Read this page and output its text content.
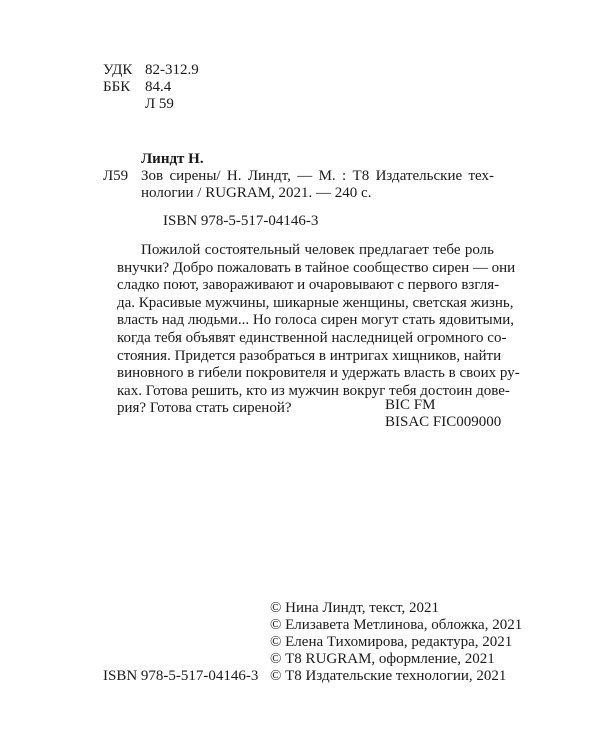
УДК 82-312.9
ББК 84.4
Л 59
Линдт Н.
Л59 Зов сирены/ Н. Линдт, — М. : Т8 Издательские тех-
нологии / RUGRAM, 2021. — 240 с.
ISBN 978-5-517-04146-3
Пожилой состоятельный человек предлагает тебе роль
внучки? Добро пожаловать в тайное сообщество сирен — они
сладко поют, завораживают и очаровывают с первого взгля-
да. Красивые мужчины, шикарные женщины, светская жизнь,
власть над людьми... Но голоса сирен могут стать ядовитыми,
когда тебя объявят единственной наследницей огромного со-
стояния. Придется разобраться в интригах хищников, найти
виновного в гибели покровителя и удержать власть в своих ру-
ках. Готова решить, кто из мужчин вокруг тебя достоин дове-
рия? Готова стать сиреной?	BIC FM
BISAC FIC009000
ISBN 978-5-517-04146-3
© Нина Линдт, текст, 2021
© Елизавета Метлинова, обложка, 2021
© Елена Тихомирова, редактура, 2021
© Т8 RUGRAM, оформление, 2021
© Т8 Издательские технологии, 2021
